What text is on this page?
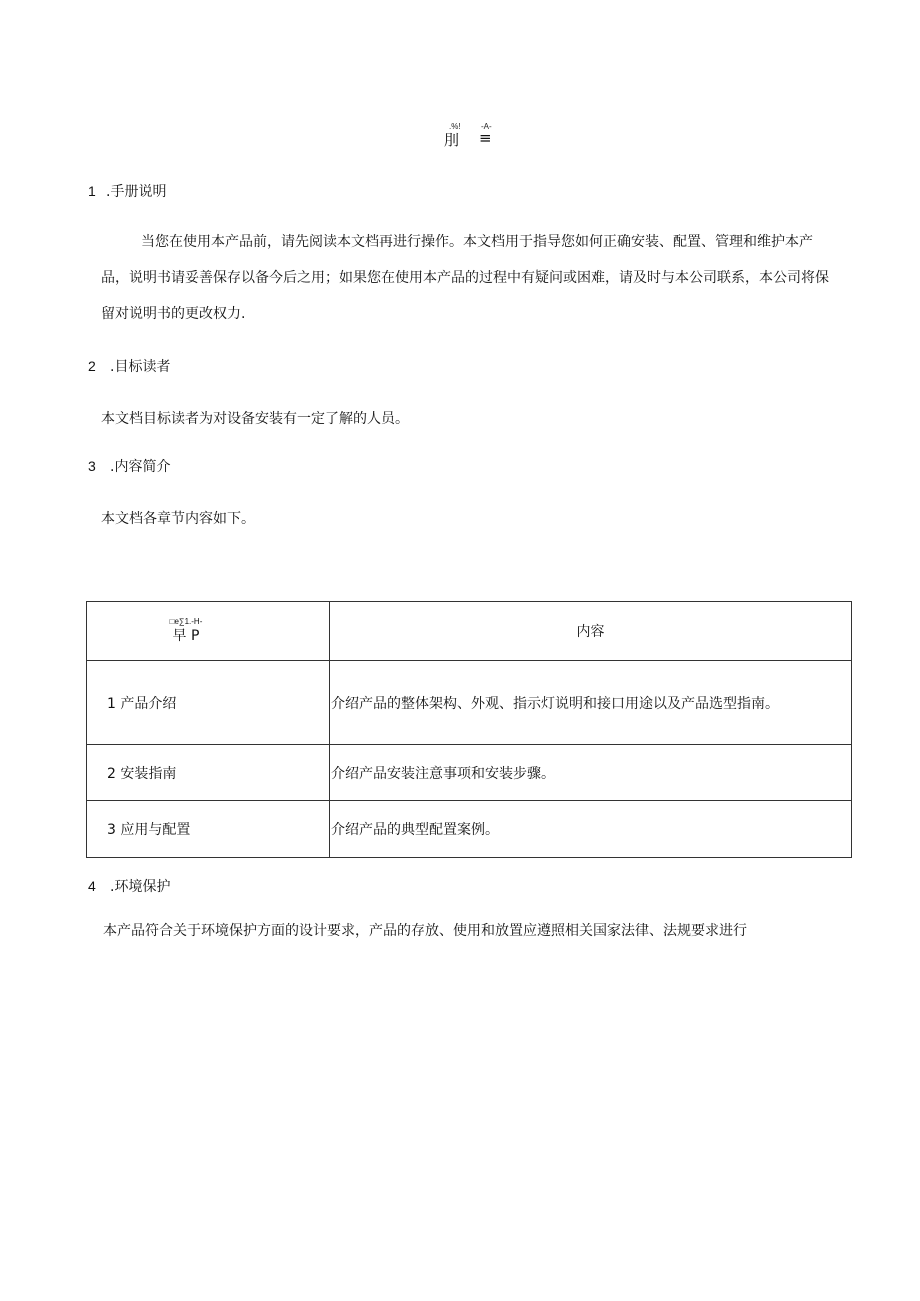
.%!	-A-
刖 ≡
1 .手册说明
当您在使用本产品前，请先阅读本文档再进行操作。本文档用于指导您如何正确安装、配置、管理和维护本产
品，说明书请妥善保存以备今后之用；如果您在使用本产品的过程中有疑问或困难，请及时与本公司联系，本公司将保
留对说明书的更改权力.
2 .目标读者
本文档目标读者为对设备安装有一定了解的人员。
3 .内容简介
本文档各章节内容如下。
□e∑1.-H-
早 P	内容
1 产品介绍	介绍产品的整体架构、外观、指示灯说明和接口用途以及产品选型指南。
2 安装指南	介绍产品安装注意事项和安装步骤。
3 应用与配置	介绍产品的典型配置案例。
4 .环境保护
本产品符合关于环境保护方面的设计要求，产品的存放、使用和放置应遵照相关国家法律、法规要求进行
